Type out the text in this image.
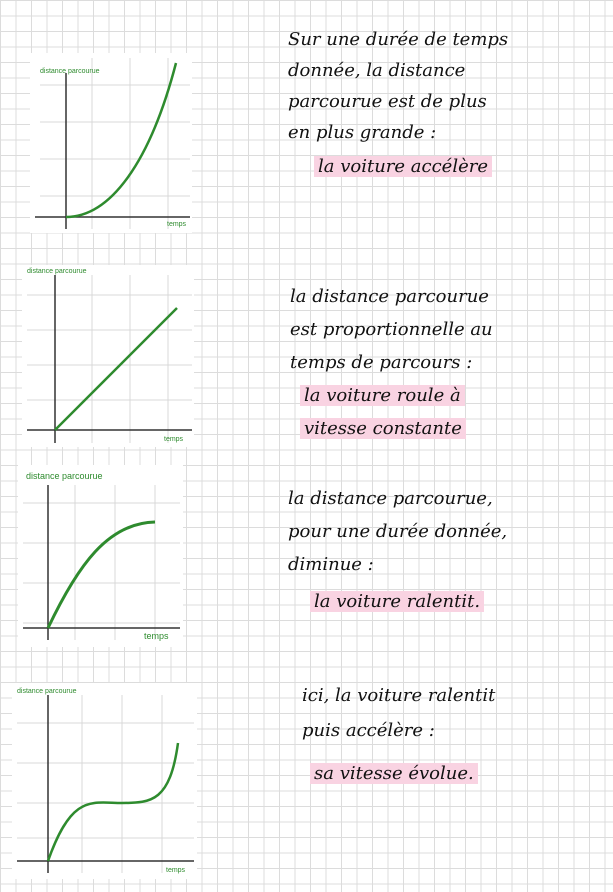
distance parcourue
temps
distance parcourue
temps
distance parcourue
temps
distance parcourue
temps

Sur une durée de temps

donnée, la distance

parcourue est de plus

en plus grande :

la voiture accélère

la distance parcourue

est proportionnelle au

temps de parcours :

la voiture roule à

vitesse constante

la distance parcourue,

pour une durée donnée,

diminue :

la voiture ralentit.

ici, la voiture ralentit

puis accélère :

sa vitesse évolue.
